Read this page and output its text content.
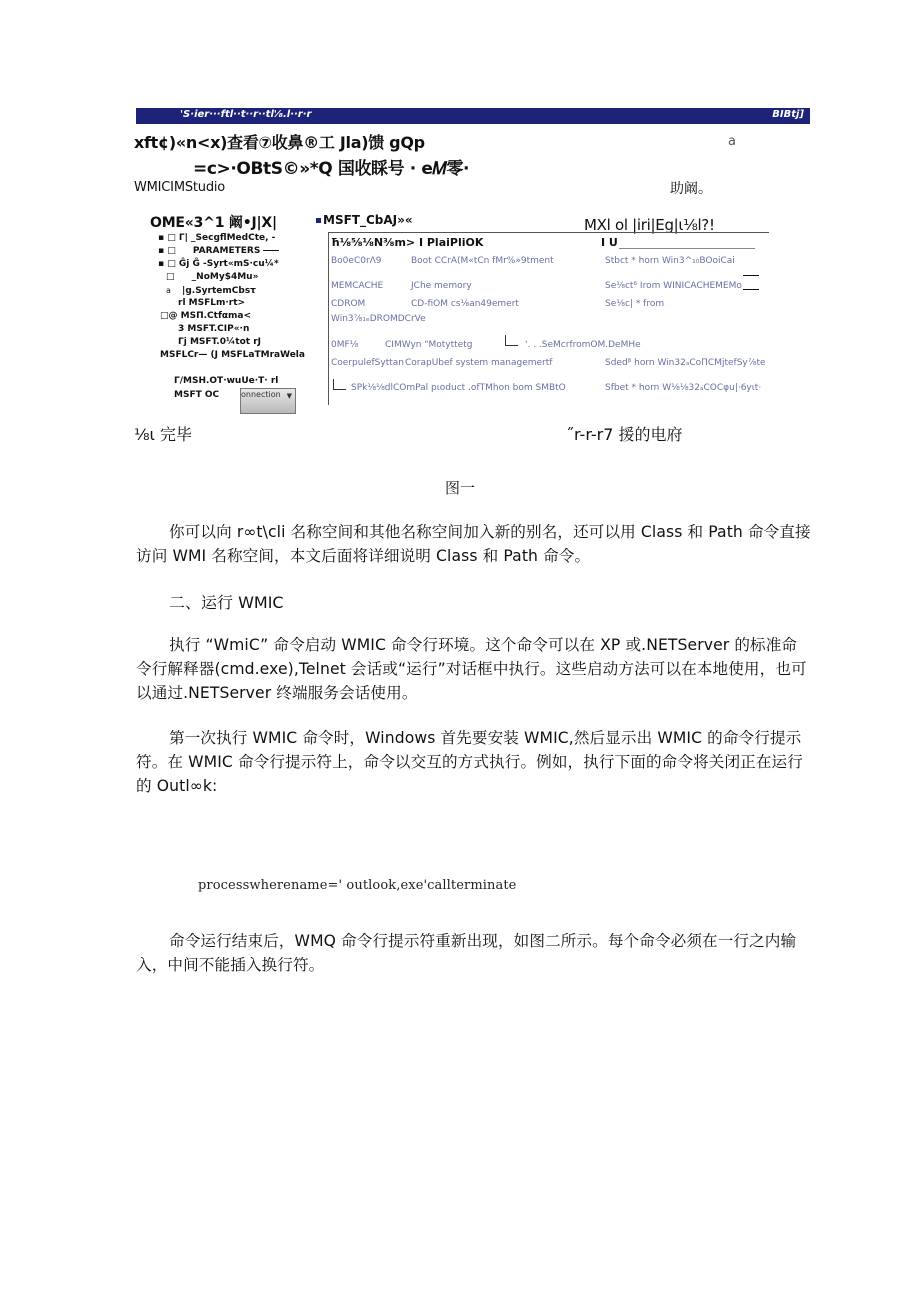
'S·ier···ftl··t··r··tl'⁄₈.l··r·r	BIBtj]
xft¢)«n<x)查看⑦收鼻®工 Jla)馈 gQp	a
=c>·OBtS©»*Q 国收睬号 · e𝑀零·
WMICIMStudio	助阚。
OME«3^1 阚•J|X|
▪ □ Γ| _SecgflMedCte, -
▪ □ PARAMETERS
▪ □ Ĝj Ĝ -Syrt«mS·cu¼*
□ _NoMy$4Mu»
a |g.SyrtemCbsτ
rl MSFLm·rt>
□@ MSΠ.Ctfαma<
3 MSFT.CIP«·n
Γj MSFT.0¼tot rJ
MSFLCr— (J MSFLaTMraWela
Γ/MSH.OT·wuUe·T· rl
MSFT OC	onnection ▼
MSFT_CbAJ»«	MXl ol |iri|Eg|ι⅛l?!
ħ⅛⅝⅛N⅜m> I PlaiPliOK	I U
Bo0eC0rΛ9	Boot CCrA(M«tCn fMr%»9tment	Stbct * horn Win3^₁₀BOoiCai
MEMCACHE	JChe memory	Se⅛ct⁶ Irom WINICACHEMEMo
CDROM	CD-fiOM cs⅛an49emert	Se⅛c| * from
Win3⅞₁ₑDROMDCrVe
0MF⅛	CIMWyn "Motyttetg	'. . .SeMcrfromOM.DeMHe
CoerpulefSyttan CorapUbef system managemertf	Sdedᵝ horn Win32ₐCoΠCMjtefSy⅞te
SPk⅛⅛dlCOmPal pιoduct .ofTMhon bom SMBtO	Sfbet * horn W⅛⅛32ₐCOCφu|·6yιt·
⅛ι 完毕	˝r-r-r7 援的电府
图一
你可以向 r∞t\cli 名称空间和其他名称空间加入新的别名，还可以用 Class 和 Path 命令直接访问 WMI 名称空间，本文后面将详细说明 Class 和 Path 命令。
二、运行 WMIC
执行 “WmiC” 命令启动 WMIC 命令行环境。这个命令可以在 XP 或.NETServer 的标准命令行解释器(cmd.exe),Telnet 会话或“运行”对话框中执行。这些启动方法可以在本地使用，也可以通过.NETServer 终端服务会话使用。
第一次执行 WMIC 命令时，Windows 首先要安装 WMIC,然后显示出 WMIC 的命令行提示符。在 WMIC 命令行提示符上，命令以交互的方式执行。例如，执行下面的命令将关闭正在运行的 Outl∞k:
processwherename=' outlook,exe'callterminate
命令运行结束后，WMQ 命令行提示符重新出现，如图二所示。每个命令必须在一行之内输入，中间不能插入换行符。
